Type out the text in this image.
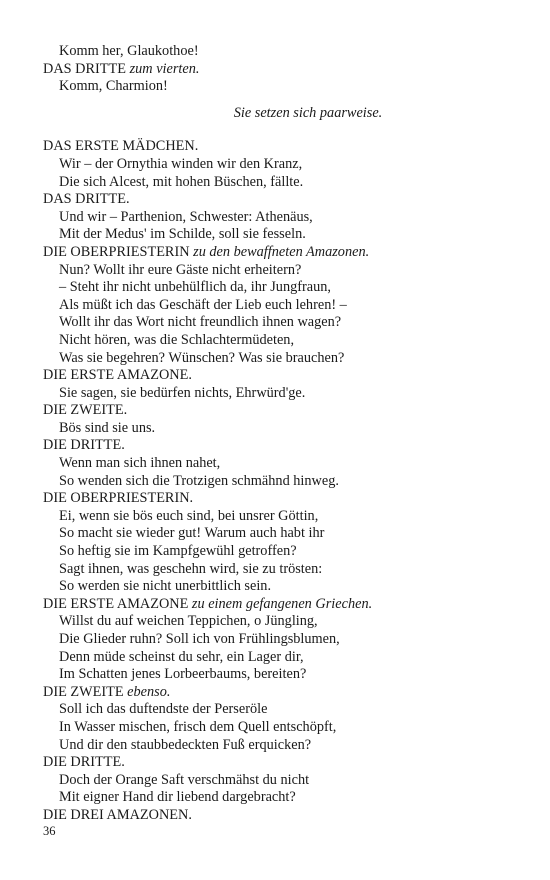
Komm her, Glaukothoe!
DAS DRITTE zum vierten.
Komm, Charmion!
Sie setzen sich paarweise.
DAS ERSTE MÄDCHEN.
Wir – der Ornythia winden wir den Kranz,
Die sich Alcest, mit hohen Büschen, fällte.
DAS DRITTE.
Und wir – Parthenion, Schwester: Athenäus,
Mit der Medus' im Schilde, soll sie fesseln.
DIE OBERPRIESTERIN zu den bewaffneten Amazonen.
Nun? Wollt ihr eure Gäste nicht erheitern?
– Steht ihr nicht unbehülflich da, ihr Jungfraun,
Als müßt ich das Geschäft der Lieb euch lehren! –
Wollt ihr das Wort nicht freundlich ihnen wagen?
Nicht hören, was die Schlachtermüdeten,
Was sie begehren? Wünschen? Was sie brauchen?
DIE ERSTE AMAZONE.
Sie sagen, sie bedürfen nichts, Ehrwürd'ge.
DIE ZWEITE.
Bös sind sie uns.
DIE DRITTE.
Wenn man sich ihnen nahet,
So wenden sich die Trotzigen schmähnd hinweg.
DIE OBERPRIESTERIN.
Ei, wenn sie bös euch sind, bei unsrer Göttin,
So macht sie wieder gut! Warum auch habt ihr
So heftig sie im Kampfgewühl getroffen?
Sagt ihnen, was geschehn wird, sie zu trösten:
So werden sie nicht unerbittlich sein.
DIE ERSTE AMAZONE zu einem gefangenen Griechen.
Willst du auf weichen Teppichen, o Jüngling,
Die Glieder ruhn? Soll ich von Frühlingsblumen,
Denn müde scheinst du sehr, ein Lager dir,
Im Schatten jenes Lorbeerbaums, bereiten?
DIE ZWEITE ebenso.
Soll ich das duftendste der Perseröle
In Wasser mischen, frisch dem Quell entschöpft,
Und dir den staubbedeckten Fuß erquicken?
DIE DRITTE.
Doch der Orange Saft verschmähst du nicht
Mit eigner Hand dir liebend dargebracht?
DIE DREI AMAZONEN.
36
